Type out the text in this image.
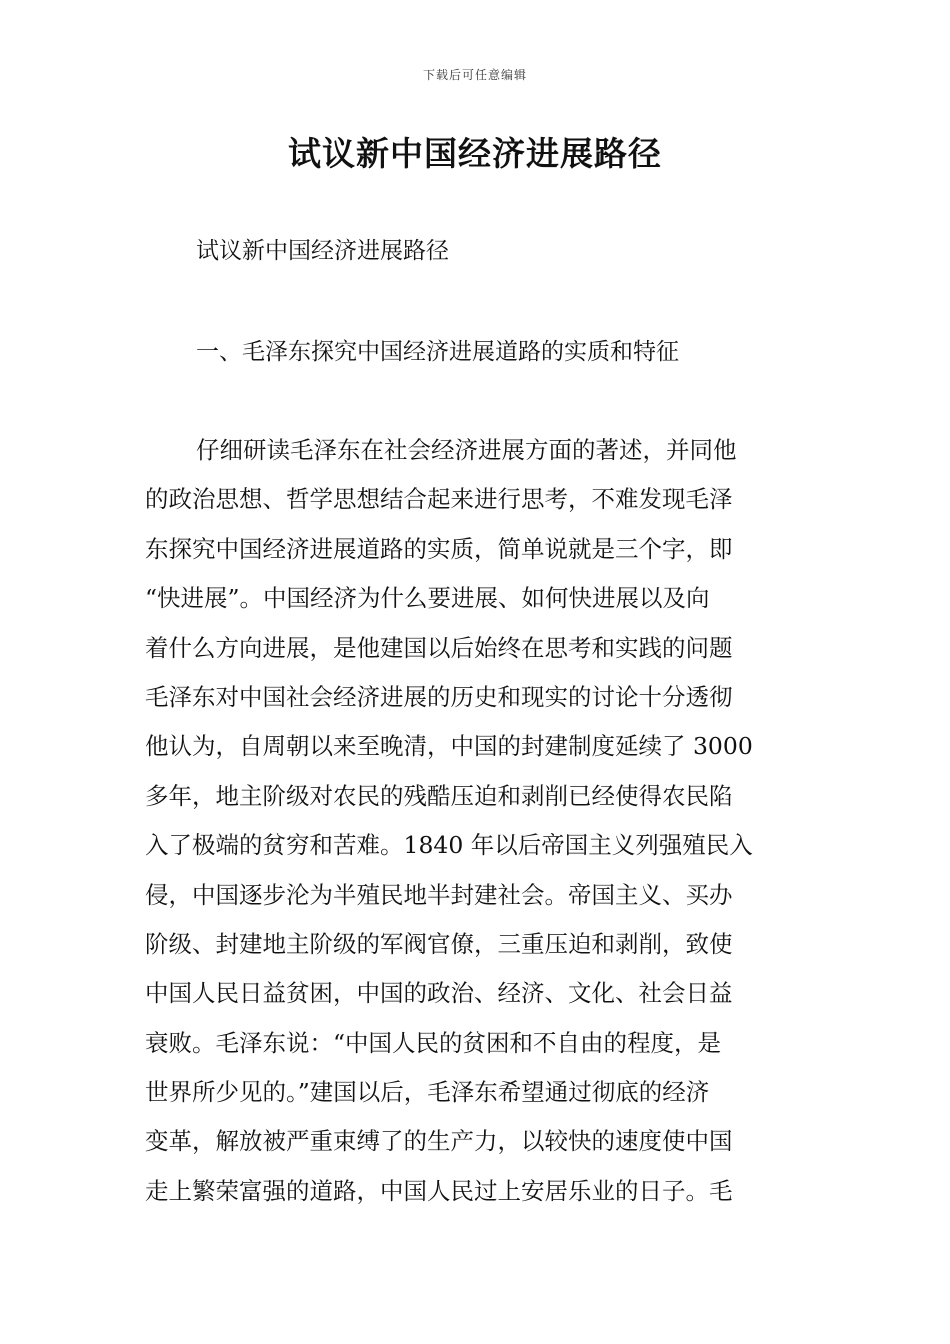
下载后可任意编辑
试议新中国经济进展路径

试议新中国经济进展路径

一、毛泽东探究中国经济进展道路的实质和特征

仔细研读毛泽东在社会经济进展方面的著述，并同他
的政治思想、哲学思想结合起来进行思考，不难发现毛泽
东探究中国经济进展道路的实质，简单说就是三个字，即
“快进展”。中国经济为什么要进展、如何快进展以及向
着什么方向进展，是他建国以后始终在思考和实践的问题
毛泽东对中国社会经济进展的历史和现实的讨论十分透彻
他认为，自周朝以来至晚清，中国的封建制度延续了 3000
多年，地主阶级对农民的残酷压迫和剥削已经使得农民陷
入了极端的贫穷和苦难。1840 年以后帝国主义列强殖民入
侵，中国逐步沦为半殖民地半封建社会。帝国主义、买办
阶级、封建地主阶级的军阀官僚，三重压迫和剥削，致使
中国人民日益贫困，中国的政治、经济、文化、社会日益
衰败。毛泽东说：“中国人民的贫困和不自由的程度，是
世界所少见的。”建国以后，毛泽东希望通过彻底的经济
变革，解放被严重束缚了的生产力，以较快的速度使中国
走上繁荣富强的道路，中国人民过上安居乐业的日子。毛
